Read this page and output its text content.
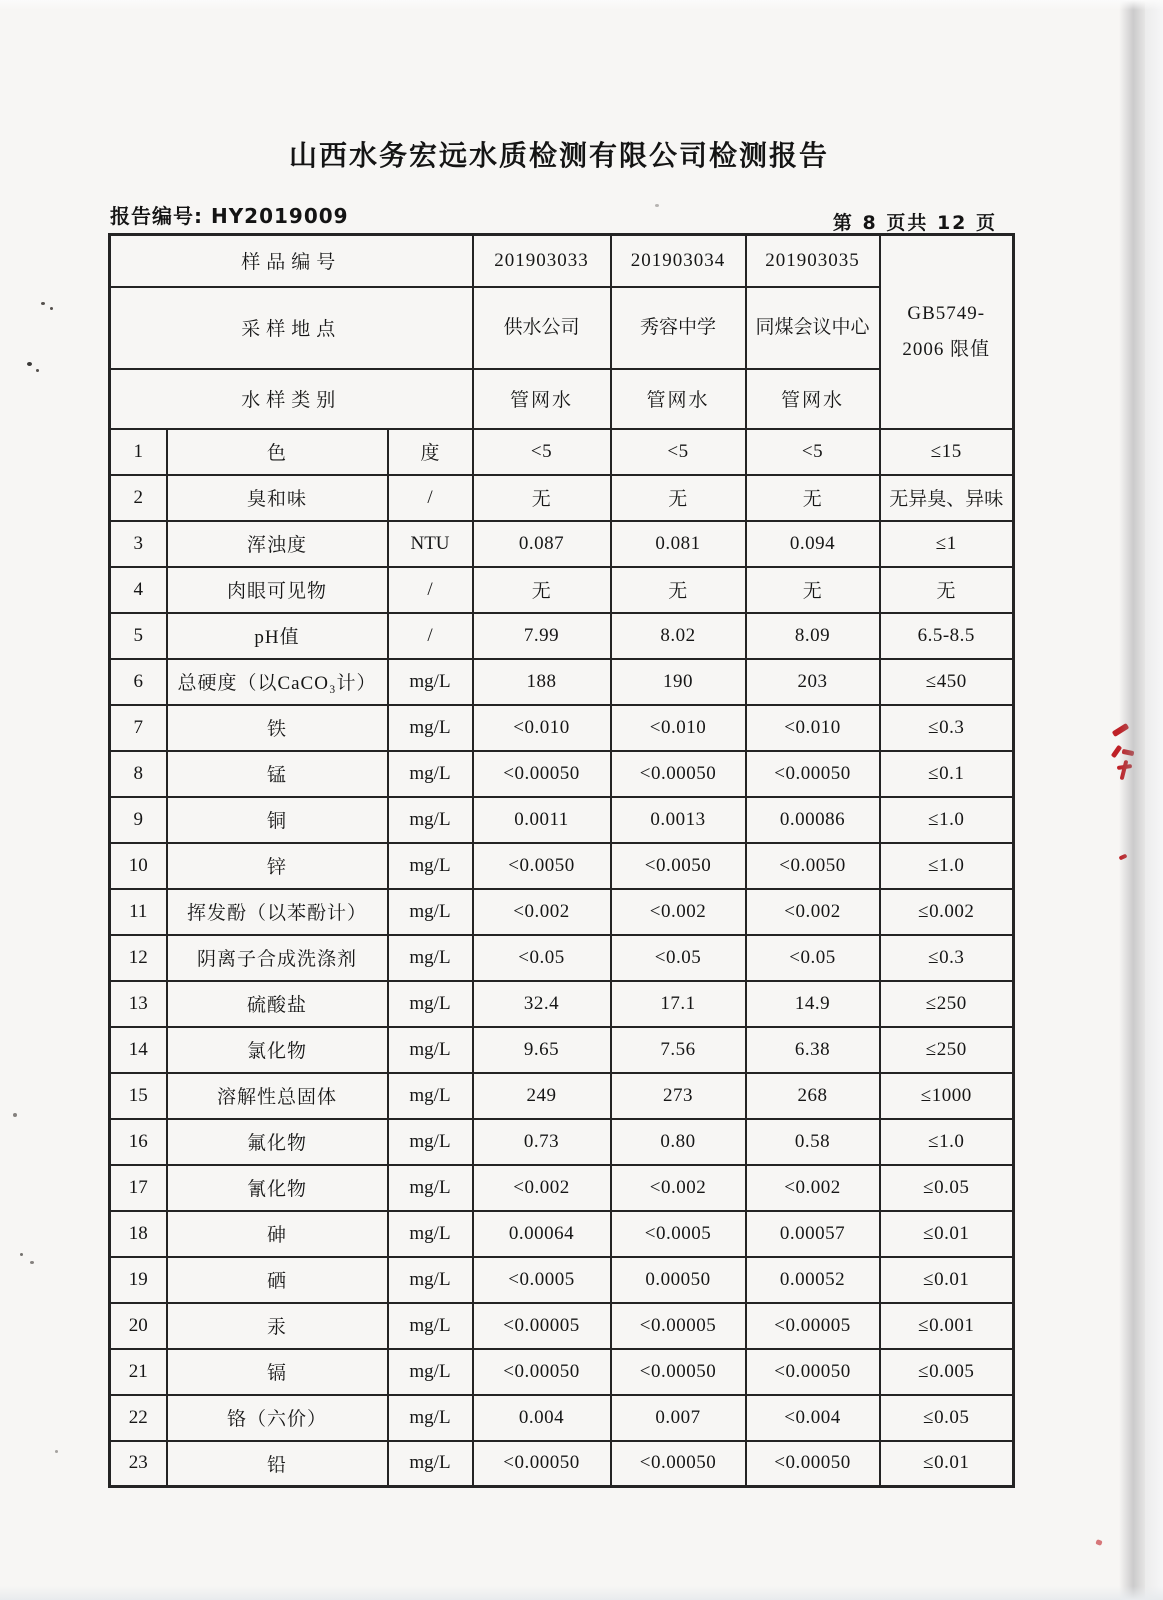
山西水务宏远水质检测有限公司检测报告
报告编号: HY2019009	第 8 页共 12 页
样品编号			201903033	201903034	201903035	GB5749-
2006 限值

采样地点			供水公司	秀容中学	同煤会议中心	
水样类别			管网水	管网水	管网水	
1	色	度	<5	<5	<5	≤15
2	臭和味	/	无	无	无	无异臭、异味
3	浑浊度	NTU	0.087	0.081	0.094	≤1
4	肉眼可见物	/	无	无	无	无
5	pH值	/	7.99	8.02	8.09	6.5-8.5
6	总硬度（以CaCO₃计）	mg/L	188	190	203	≤450
7	铁	mg/L	<0.010	<0.010	<0.010	≤0.3
8	锰	mg/L	<0.00050	<0.00050	<0.00050	≤0.1
9	铜	mg/L	0.0011	0.0013	0.00086	≤1.0
10	锌	mg/L	<0.0050	<0.0050	<0.0050	≤1.0
11	挥发酚（以苯酚计）	mg/L	<0.002	<0.002	<0.002	≤0.002
12	阴离子合成洗涤剂	mg/L	<0.05	<0.05	<0.05	≤0.3
13	硫酸盐	mg/L	32.4	17.1	14.9	≤250
14	氯化物	mg/L	9.65	7.56	6.38	≤250
15	溶解性总固体	mg/L	249	273	268	≤1000
16	氟化物	mg/L	0.73	0.80	0.58	≤1.0
17	氰化物	mg/L	<0.002	<0.002	<0.002	≤0.05
18	砷	mg/L	0.00064	<0.0005	0.00057	≤0.01
19	硒	mg/L	<0.0005	0.00050	0.00052	≤0.01
20	汞	mg/L	<0.00005	<0.00005	<0.00005	≤0.001
21	镉	mg/L	<0.00050	<0.00050	<0.00050	≤0.005
22	铬（六价）	mg/L	0.004	0.007	<0.004	≤0.05
23	铅	mg/L	<0.00050	<0.00050	<0.00050	≤0.01
